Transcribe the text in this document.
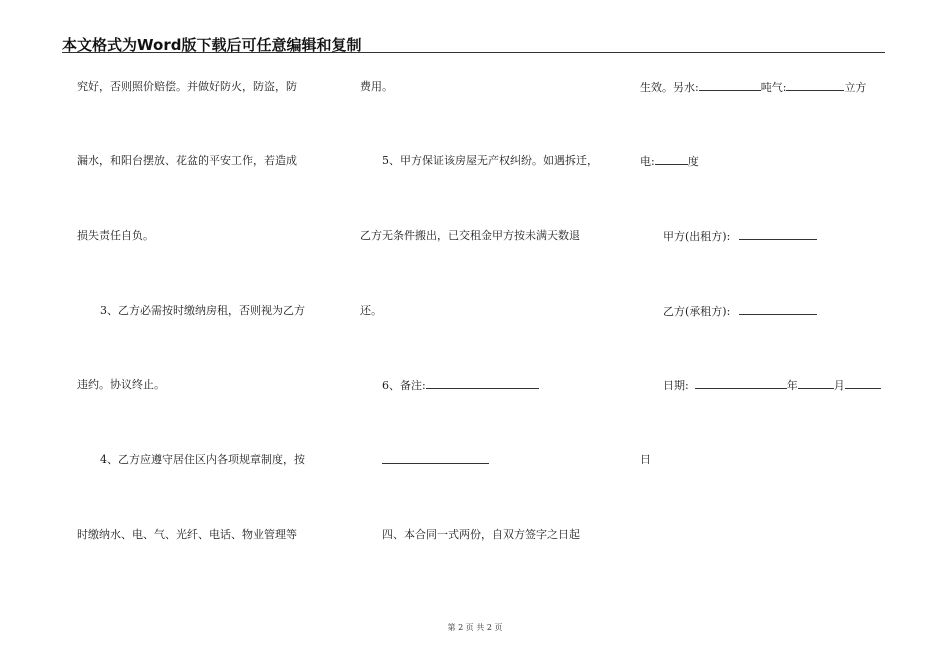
本文格式为Word版下载后可任意编辑和复制
究好，否则照价赔偿。并做好防火，防盗，防
漏水，和阳台摆放、花盆的平安工作，若造成
损失责任自负。
3、乙方必需按时缴纳房租，否则视为乙方
违约。协议终止。
4、乙方应遵守居住区内各项规章制度，按
时缴纳水、电、气、光纤、电话、物业管理等
费用。
5、甲方保证该房屋无产权纠纷。如遇拆迁，
乙方无条件搬出，已交租金甲方按未满天数退
还。
6、备注:
四、本合同一式两份，自双方签字之日起
生效。另水:	吨气:	立方
电:	度
甲方(出租方):
乙方(承租方):
日期:	年	月
日
第 2 页 共 2 页
